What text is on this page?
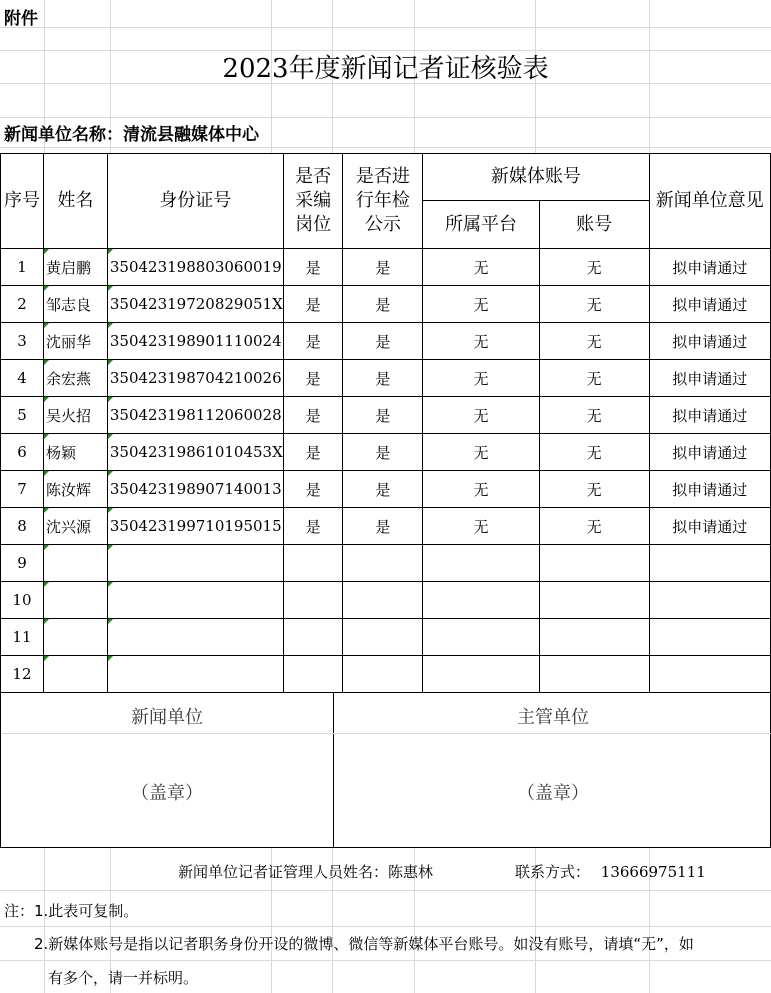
附件
2023年度新闻记者证核验表
新闻单位名称：清流县融媒体中心
序号	姓名	身份证号	是否采编岗位	是否进行年检公示	新媒体账号		新闻单位意见
					所属平台	账号	
1	黄启鹏	350423198803060019	是	是	无	无	拟申请通过
2	邹志良	35042319720829051X	是	是	无	无	拟申请通过
3	沈丽华	350423198901110024	是	是	无	无	拟申请通过
4	余宏燕	350423198704210026	是	是	无	无	拟申请通过
5	吴火招	350423198112060028	是	是	无	无	拟申请通过
6	杨颖	35042319861010453X	是	是	无	无	拟申请通过
7	陈汝辉	350423198907140013	是	是	无	无	拟申请通过
8	沈兴源	350423199710195015	是	是	无	无	拟申请通过
9							
10							
11							
12							
新闻单位
（盖章）
主管单位
（盖章）
新闻单位记者证管理人员姓名：陈惠林	联系方式： 13666975111
注：1.此表可复制。
2.新媒体账号是指以记者职务身份开设的微博、微信等新媒体平台账号。如没有账号，请填“无”，如
有多个，请一并标明。
